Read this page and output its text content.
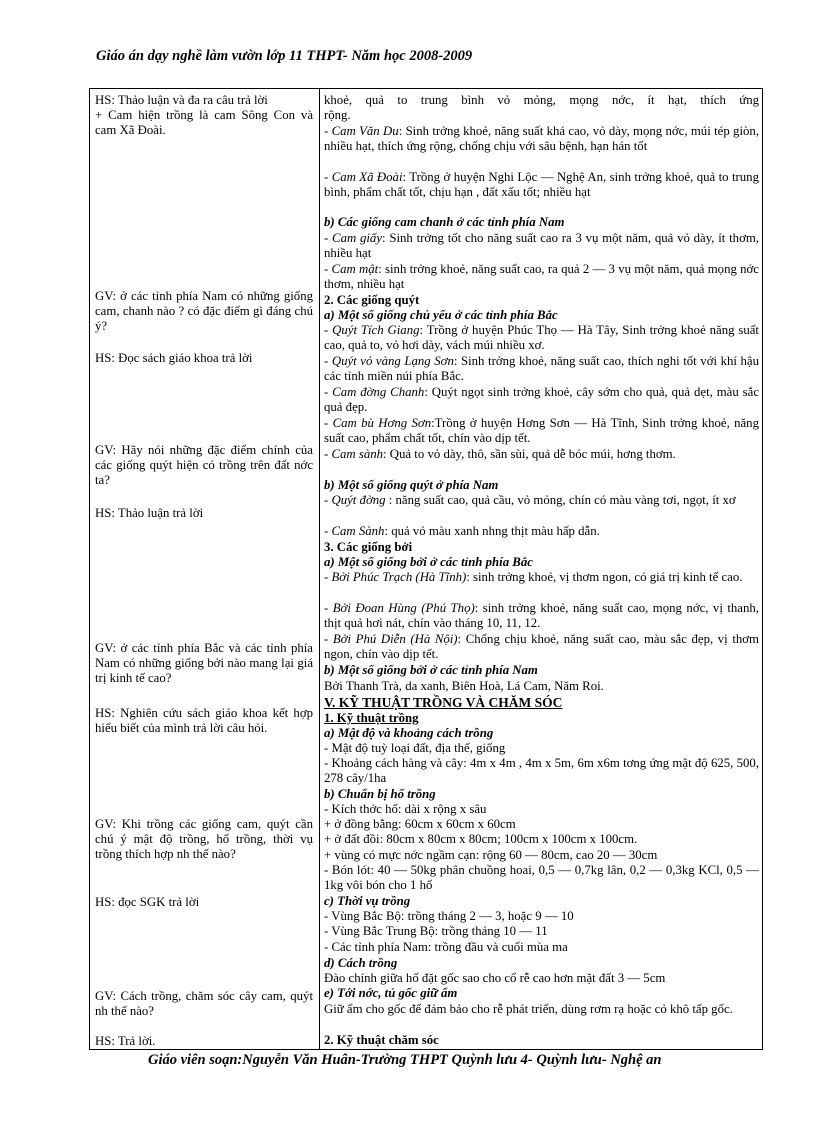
Giáo án dạy nghề làm vườn lớp 11 THPT- Năm học 2008-2009
HS: Thảo luận và đa ra câu trả lời
+ Cam hiện trồng là cam Sông Con và cam Xã Đoài.
GV: ở các tỉnh phía Nam có những giống cam, chanh nào ? có đặc điểm gì đáng chú ý?
HS: Đọc sách giáo khoa trả lời
GV: Hãy nói những đặc điểm chính của các giống quýt hiện có trồng trên đất nớc ta?
HS: Thảo luận trả lời
GV: ở các tỉnh phía Bắc và các tỉnh phía Nam có những giống bởi nào mang lại giá trị kinh tế cao?
HS: Nghiên cứu sách giáo khoa kết hợp hiểu biết của mình trả lời câu hỏi.
GV: Khi trồng các giống cam, quýt cần chú ý mật độ trồng, hố trồng, thời vụ trồng thích hợp nh thế nào?
HS: đọc SGK trả lời
GV: Cách trồng, chăm sóc cây cam, quýt nh thế nào?
HS: Trả lời.
khoẻ, quả to trung bình vỏ mỏng, mọng nớc, ít hạt, thích ứng
rộng.
- Cam Văn Du: Sinh trởng khoẻ, năng suất khá cao, vỏ dày, mọng nớc, múi tép giòn, nhiều hạt, thích ứng rộng, chống chịu với sâu bệnh, hạn hán tốt
- Cam Xã Đoài: Trồng ở huyện Nghi Lộc — Nghệ An, sinh trởng khoẻ, quả to trung bình, phẩm chất tốt, chịu hạn , đất xấu tốt; nhiều hạt
b) Các giống cam chanh ở các tỉnh phía Nam
- Cam giấy: Sinh trởng tốt cho năng suất cao ra 3 vụ một năm, quả vỏ dày, ít thơm, nhiều hạt
- Cam mật: sinh trởng khoẻ, năng suất cao, ra quả 2 — 3 vụ một năm, quả mọng nớc thơm, nhiều hạt
2. Các giống quýt
a) Một số giống chủ yếu ở các tỉnh phía Bắc
- Quýt Tích Giang: Trồng ở huyện Phúc Thọ — Hà Tây, Sinh trởng khoẻ năng suất cao, quả to, vỏ hơi dày, vách múi nhiều xơ.
- Quýt vỏ vàng Lạng Sơn: Sinh trởng khoẻ, năng suất cao, thích nghi tốt với khí hậu các tỉnh miền núi phía Bắc.
- Cam đờng Chanh: Quýt ngọt sinh trởng khoẻ, cây sớm cho quả, quả dẹt, màu sắc quả đẹp.
- Cam bù Hơng Sơn:Trồng ở huyện Hơng Sơn — Hà Tĩnh, Sinh trởng khoẻ, năng suất cao, phẩm chất tốt, chín vào dịp tết.
- Cam sành: Quả to vỏ dày, thô, sần sùi, quả dễ bóc múi, hơng thơm.
b) Một số giống quýt ở phía Nam
- Quýt đờng : năng suất cao, quả cầu, vỏ mỏng, chín có màu vàng tơi, ngọt, ít xơ
- Cam Sành: quả vỏ màu xanh nhng thịt màu hấp dẫn.
3. Các giống bởi
a) Một số giống bởi ở các tỉnh phía Bắc
- Bởi Phúc Trạch (Hà Tĩnh): sinh trởng khoẻ, vị thơm ngon, có giá trị kinh tế cao.
- Bởi Đoan Hùng (Phú Thọ): sinh trởng khoẻ, năng suất cao, mọng nớc, vị thanh, thịt quả hơi nát, chín vào tháng 10, 11, 12.
- Bởi Phú Diễn (Hà Nội): Chống chịu khoẻ, năng suất cao, màu sắc đẹp, vị thơm ngon, chín vào dịp tết.
b) Một số giống bởi ở các tỉnh phía Nam
Bởi Thanh Trà, da xanh, Biên Hoà, Lá Cam, Năm Roi.
V. KỸ THUẬT TRỒNG VÀ CHĂM SÓC
1. Kỹ thuật trồng
a) Mật độ và khoảng cách trồng
- Mật độ tuỳ loại đất, địa thế, giống
- Khoảng cách hàng và cây: 4m x 4m , 4m x 5m, 6m x6m tơng ứng mật độ 625, 500, 278 cây/1ha
b) Chuẩn bị hố trồng
- Kích thớc hố: dài x rộng x sâu
+ ở đồng bằng: 60cm x 60cm x 60cm
+ ở đất đồi: 80cm x 80cm x 80cm; 100cm x 100cm x 100cm.
+ vùng có mực nớc ngầm cạn: rộng 60 — 80cm, cao 20 — 30cm
- Bón lót: 40 — 50kg phân chuồng hoai, 0,5 — 0,7kg lân, 0,2 — 0,3kg KCl, 0,5 — 1kg vôi bón cho 1 hố
c) Thời vụ trồng
- Vùng Bắc Bộ: trồng tháng 2 — 3, hoặc 9 — 10
- Vùng Bắc Trung Bộ: trồng tháng 10 — 11
- Các tỉnh phía Nam: trồng đầu và cuối mùa ma
d) Cách trồng
Đào chính giữa hố đặt gốc sao cho cổ rễ cao hơn mặt đất 3 — 5cm
e) Tới nớc, tủ gốc giữ ẩm
Giữ ẩm cho gốc để đảm bảo cho rễ phát triển, dùng rơm rạ hoặc cỏ khô tấp gốc.
2. Kỹ thuật chăm sóc
Giáo viên soạn:Nguyễn Văn Huân-Trường THPT Quỳnh lưu 4- Quỳnh lưu- Nghệ an
